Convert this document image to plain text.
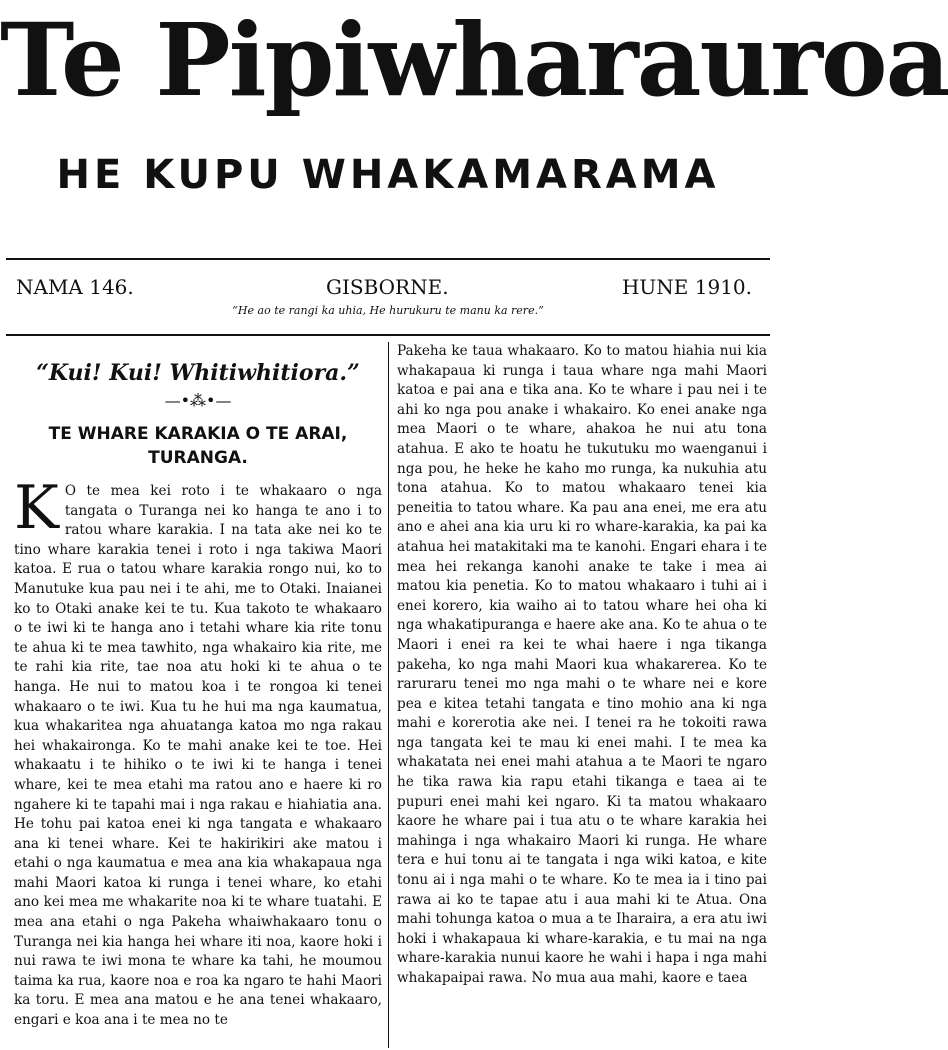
Te Pipiwharauroa
HE KUPU WHAKAMARAMA
NAMA 146.	GISBORNE.	HUNE 1910.
“He ao te rangi ka uhia, He hurukuru te manu ka rere.”

“Kui! Kui! Whitiwhitiora.”

—•⁂•—

TE WHARE KARAKIA O TE ARAI, TURANGA.

K O te mea kei roto i te whakaaro o nga tangata o Turanga nei ko hanga te ano i to ratou whare karakia. I na tata ake nei ko te tino whare karakia tenei i roto i nga takiwa Maori katoa. E rua o tatou whare karakia rongo nui, ko to Manutuke kua pau nei i te ahi, me to Otaki. Inaianei ko to Otaki anake kei te tu. Kua takoto te whakaaro o te iwi ki te hanga ano i tetahi whare kia rite tonu te ahua ki te mea tawhito, nga whakairo kia rite, me te rahi kia rite, tae noa atu hoki ki te ahua o te hanga. He nui to matou koa i te rongoa ki tenei whakaaro o te iwi. Kua tu he hui ma nga kaumatua, kua whakaritea nga ahuatanga katoa mo nga rakau hei whakaironga. Ko te mahi anake kei te toe. Hei whakaatu i te hihiko o te iwi ki te hanga i tenei whare, kei te mea etahi ma ratou ano e haere ki ro ngahere ki te tapahi mai i nga rakau e hiahiatia ana. He tohu pai katoa enei ki nga tangata e whakaaro ana ki tenei whare. Kei te hakirikiri ake matou i etahi o nga kaumatua e mea ana kia whakapaua nga mahi Maori katoa ki runga i tenei whare, ko etahi ano kei mea me whakarite noa ki te whare tuatahi. E mea ana etahi o nga Pakeha whaiwhakaaro tonu o Turanga nei kia hanga hei whare iti noa, kaore hoki i nui rawa te iwi mona te whare ka tahi, he moumou taima ka rua, kaore noa e roa ka ngaro te hahi Maori ka toru. E mea ana matou e he ana tenei whakaaro, engari e koa ana i te mea no te

Pakeha ke taua whakaaro. Ko to matou hiahia nui kia whakapaua ki runga i taua whare nga mahi Maori katoa e pai ana e tika ana. Ko te whare i pau nei i te ahi ko nga pou anake i whakairo. Ko enei anake nga mea Maori o te whare, ahakoa he nui atu tona atahua. E ako te hoatu he tukutuku mo waenganui i nga pou, he heke he kaho mo runga, ka nukuhia atu tona atahua. Ko to matou whakaaro tenei kia peneitia to tatou whare. Ka pau ana enei, me era atu ano e ahei ana kia uru ki ro whare-karakia, ka pai ka atahua hei matakitaki ma te kanohi. Engari ehara i te mea hei rekanga kanohi anake te take i mea ai matou kia penetia. Ko to matou whakaaro i tuhi ai i enei korero, kia waiho ai to tatou whare hei oha ki nga whakatipuranga e haere ake ana. Ko te ahua o te Maori i enei ra kei te whai haere i nga tikanga pakeha, ko nga mahi Maori kua whakarerea. Ko te raruraru tenei mo nga mahi o te whare nei e kore pea e kitea tetahi tangata e tino mohio ana ki nga mahi e korerotia ake nei. I tenei ra he tokoiti rawa nga tangata kei te mau ki enei mahi. I te mea ka whakatata nei enei mahi atahua a te Maori te ngaro he tika rawa kia rapu etahi tikanga e taea ai te pupuri enei mahi kei ngaro. Ki ta matou whakaaro kaore he whare pai i tua atu o te whare karakia hei mahinga i nga whakairo Maori ki runga. He whare tera e hui tonu ai te tangata i nga wiki katoa, e kite tonu ai i nga mahi o te whare. Ko te mea ia i tino pai rawa ai ko te tapae atu i aua mahi ki te Atua. Ona mahi tohunga katoa o mua a te Iharaira, a era atu iwi hoki i whakapaua ki whare-karakia, e tu mai na nga whare-karakia nunui kaore he wahi i hapa i nga mahi whakapaipai rawa. No mua aua mahi, kaore e taea
